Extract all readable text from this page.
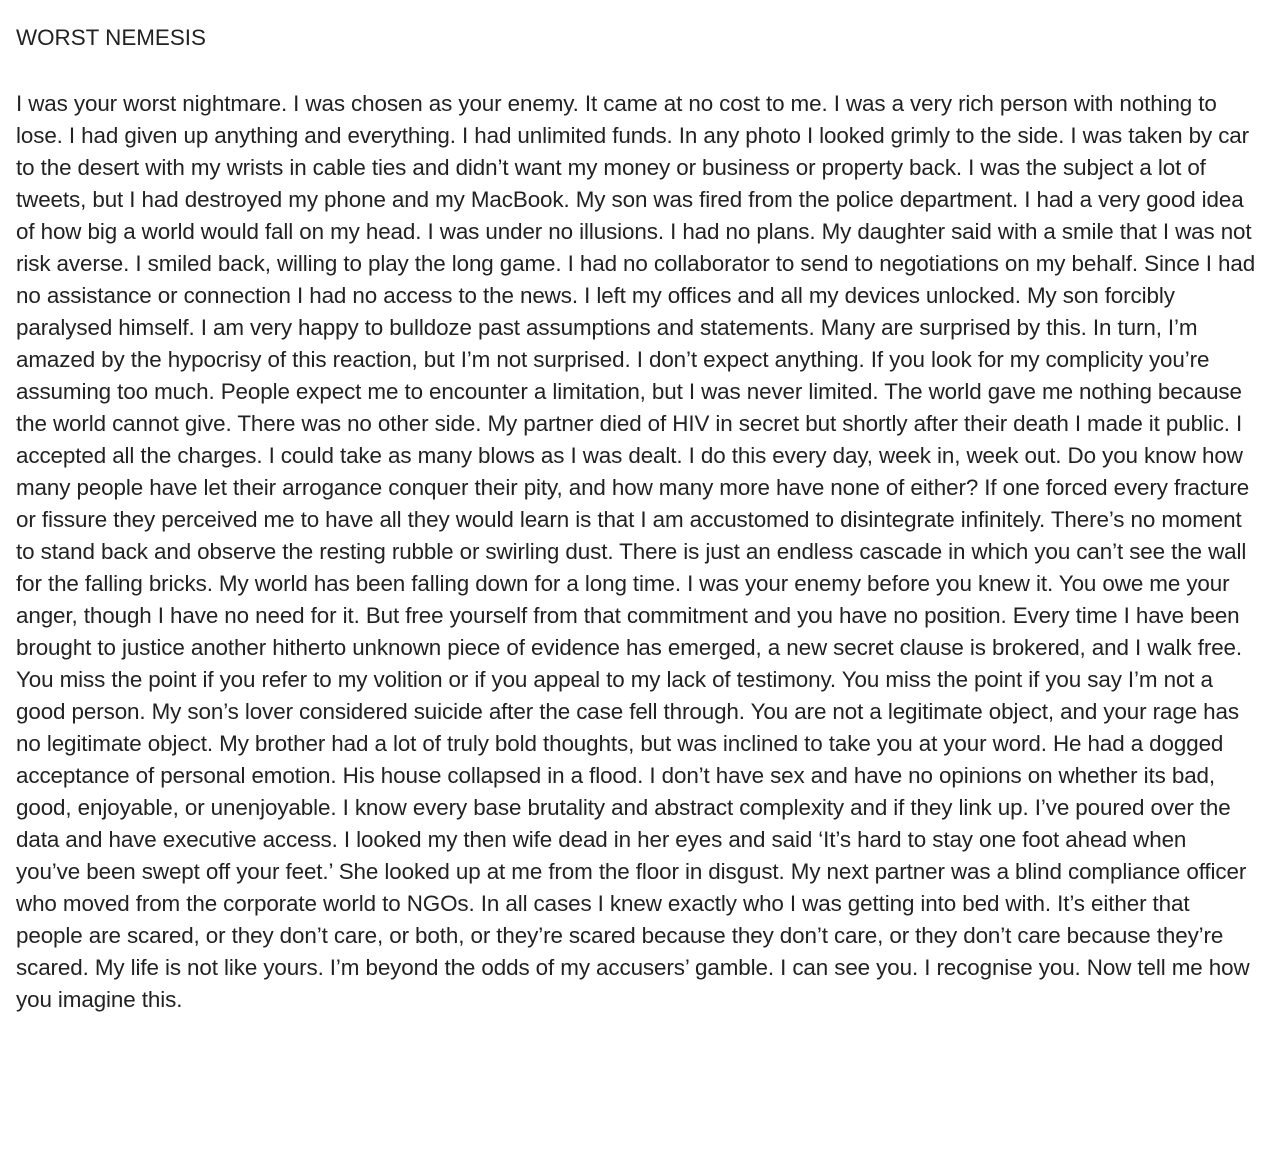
WORST NEMESIS

I was your worst nightmare. I was chosen as your enemy. It came at no cost to me. I was a very rich person with nothing to lose. I had given up anything and everything. I had unlimited funds. In any photo I looked grimly to the side. I was taken by car to the desert with my wrists in cable ties and didn’t want my money or business or property back. I was the subject a lot of tweets, but I had destroyed my phone and my MacBook. My son was fired from the police department. I had a very good idea of how big a world would fall on my head. I was under no illusions. I had no plans. My daughter said with a smile that I was not risk averse. I smiled back, willing to play the long game. I had no collaborator to send to negotiations on my behalf. Since I had no assistance or connection I had no access to the news. I left my offices and all my devices unlocked. My son forcibly paralysed himself. I am very happy to bulldoze past assumptions and statements. Many are surprised by this. In turn, I’m amazed by the hypocrisy of this reaction, but I’m not surprised. I don’t expect anything. If you look for my complicity you’re assuming too much. People expect me to encounter a limitation, but I was never limited. The world gave me nothing because the world cannot give. There was no other side. My partner died of HIV in secret but shortly after their death I made it public. I accepted all the charges. I could take as many blows as I was dealt. I do this every day, week in, week out. Do you know how many people have let their arrogance conquer their pity, and how many more have none of either? If one forced every fracture or fissure they perceived me to have all they would learn is that I am accustomed to disintegrate infinitely. There’s no moment to stand back and observe the resting rubble or swirling dust. There is just an endless cascade in which you can’t see the wall for the falling bricks. My world has been falling down for a long time. I was your enemy before you knew it. You owe me your anger, though I have no need for it. But free yourself from that commitment and you have no position. Every time I have been brought to justice another hitherto unknown piece of evidence has emerged, a new secret clause is brokered, and I walk free. You miss the point if you refer to my volition or if you appeal to my lack of testimony. You miss the point if you say I’m not a good person. My son’s lover considered suicide after the case fell through. You are not a legitimate object, and your rage has no legitimate object. My brother had a lot of truly bold thoughts, but was inclined to take you at your word. He had a dogged acceptance of personal emotion. His house collapsed in a flood. I don’t have sex and have no opinions on whether its bad, good, enjoyable, or unenjoyable. I know every base brutality and abstract complexity and if they link up. I’ve poured over the data and have executive access. I looked my then wife dead in her eyes and said ‘It’s hard to stay one foot ahead when you’ve been swept off your feet.’ She looked up at me from the floor in disgust. My next partner was a blind compliance officer who moved from the corporate world to NGOs. In all cases I knew exactly who I was getting into bed with. It’s either that people are scared, or they don’t care, or both, or they’re scared because they don’t care, or they don’t care because they’re scared. My life is not like yours. I’m beyond the odds of my accusers’ gamble. I can see you. I recognise you. Now tell me how you imagine this.
